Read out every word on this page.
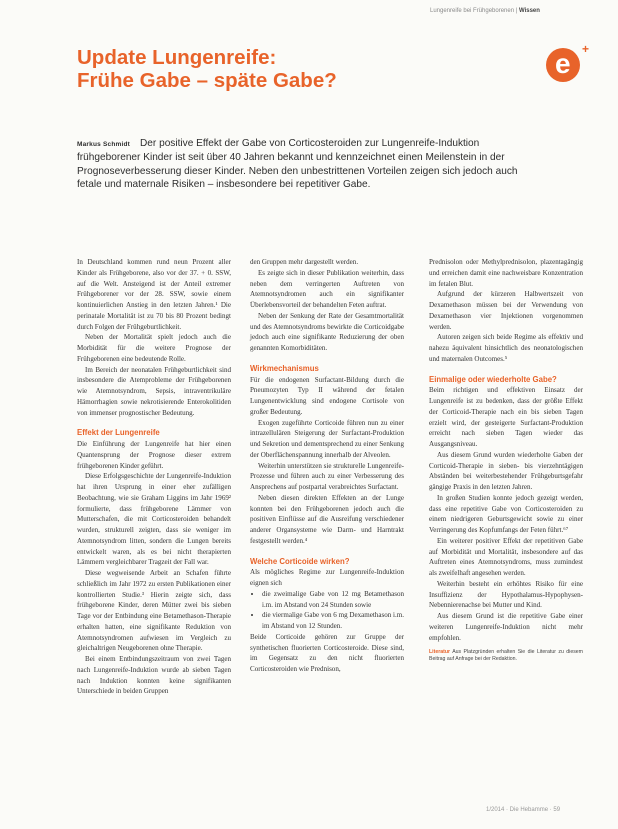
Lungenreife bei Frühgeborenen | Wissen
e +
Update Lungenreife:
Frühe Gabe – späte Gabe?

Markus Schmidt Der positive Effekt der Gabe von Corticosteroiden zur Lungenreife-Induktion frühgeborener Kinder ist seit über 40 Jahren bekannt und kennzeichnet einen Meilenstein in der Prognoseverbesserung dieser Kinder. Neben den unbestrittenen Vorteilen zeigen sich jedoch auch fetale und maternale Risiken – insbesondere bei repetitiver Gabe.

In Deutschland kommen rund neun Prozent aller Kinder als Frühgeborene, also vor der 37. + 0. SSW, auf die Welt. Ansteigend ist der Anteil extremer Frühgeborener vor der 28. SSW, sowie einem kontinuierlichen Anstieg in den letzten Jahren.¹ Die perinatale Mortalität ist zu 70 bis 80 Prozent bedingt durch Folgen der Frühgeburtlichkeit.

Neben der Mortalität spielt jedoch auch die Morbidität für die weitere Prognose der Frühgeborenen eine bedeutende Rolle.

Im Bereich der neonatalen Frühgeburtlichkeit sind insbesondere die Atemprobleme der Frühgeborenen wie Atemnotsyndrom, Sepsis, intraventrikuläre Hämorrhagien sowie nekrotisierende Enterokolitiden von immenser prognostischer Bedeutung.

Effekt der Lungenreife

Die Einführung der Lungenreife hat hier einen Quantensprung der Prognose dieser extrem frühgeborenen Kinder geführt.

Diese Erfolgsgeschichte der Lungenreife-Induktion hat ihren Ursprung in einer eher zufälligen Beobachtung, wie sie Graham Liggins im Jahr 1969² formulierte, dass frühgeborene Lämmer von Mutterschafen, die mit Corticosteroiden behandelt wurden, strukturell zeigten, dass sie weniger im Atemnotsyndrom litten, sondern die Lungen bereits entwickelt waren, als es bei nicht therapierten Lämmern vergleichbarer Tragzeit der Fall war.

Diese wegweisende Arbeit an Schafen führte schließlich im Jahr 1972 zu ersten Publikationen einer kontrollierten Studie.³ Hierin zeigte sich, dass frühgeborene Kinder, deren Mütter zwei bis sieben Tage vor der Entbindung eine Betamethason-Therapie erhalten hatten, eine signifikante Reduktion von Atemnotsyndromen aufwiesen im Vergleich zu gleichaltrigen Neugeborenen ohne Therapie.

Bei einem Entbindungszeitraum von zwei Tagen nach Lungenreife-Induktion wurde ab sieben Tagen nach Induktion konnten keine signifikanten Unterschiede in beiden Gruppen

den Gruppen mehr dargestellt werden.

Es zeigte sich in dieser Publikation weiterhin, dass neben dem verringerten Auftreten von Atemnotsyndromen auch ein signifikanter Überlebensvorteil der behandelten Feten auftrat.

Neben der Senkung der Rate der Gesamtmortalität und des Atemnotsyndroms bewirkte die Corticoidgabe jedoch auch eine signifikante Reduzierung der oben genannten Komorbiditäten.

Wirkmechanismus

Für die endogenen Surfactant-Bildung durch die Pneumozyten Typ II während der fetalen Lungenentwicklung sind endogene Cortisole von großer Bedeutung.

Exogen zugeführte Corticoide führen nun zu einer intrazellulären Steigerung der Surfactant-Produktion und Sekretion und dementsprechend zu einer Senkung der Oberflächenspannung innerhalb der Alveolen.

Weiterhin unterstützen sie strukturelle Lungenreife-Prozesse und führen auch zu einer Verbesserung des Ansprechens auf postpartal verabreichtes Surfactant.

Neben diesen direkten Effekten an der Lunge konnten bei den Frühgeborenen jedoch auch die positiven Einflüsse auf die Ausreifung verschiedener anderer Organsysteme wie Darm- und Harntrakt festgestellt werden.⁴

Welche Corticoide wirken?

Als mögliches Regime zur Lungenreife-Induktion eignen sich

• die zweimalige Gabe von 12 mg Betamethason i.m. im Abstand von 24 Stunden sowie
• die viermalige Gabe von 6 mg Dexamethason i.m. im Abstand von 12 Stunden.

Beide Corticoide gehören zur Gruppe der synthetischen fluorierten Corticosteroide. Diese sind, im Gegensatz zu den nicht fluorierten Corticosteroiden wie Prednison,

Prednisolon oder Methylprednisolon, plazentagängig und erreichen damit eine nachweisbare Konzentration im fetalen Blut.

Aufgrund der kürzeren Halbwertszeit von Dexamethason müssen bei der Verwendung von Dexamethason vier Injektionen vorgenommen werden.

Autoren zeigen sich beide Regime als effektiv und nahezu äquivalent hinsichtlich des neonatologischen und maternalen Outcomes.⁵

Einmalige oder wiederholte Gabe?

Beim richtigen und effektiven Einsatz der Lungenreife ist zu bedenken, dass der größte Effekt der Corticoid-Therapie nach ein bis sieben Tagen erzielt wird, der gesteigerte Surfactant-Produktion erreicht nach sieben Tagen wieder das Ausgangsniveau.

Aus diesem Grund wurden wiederholte Gaben der Corticoid-Therapie in sieben- bis vierzehntägigen Abständen bei weiterbestehender Frühgeburtsgefahr gängige Praxis in den letzten Jahren.

In großen Studien konnte jedoch gezeigt werden, dass eine repetitive Gabe von Corticosteroiden zu einem niedrigeren Geburtsgewicht sowie zu einer Verringerung des Kopfumfangs der Feten führt.⁶⁷

Ein weiterer positiver Effekt der repetitiven Gabe auf Morbidität und Mortalität, insbesondere auf das Auftreten eines Atemnotsyndroms, muss zumindest als zweifelhaft angesehen werden.

Weiterhin besteht ein erhöhtes Risiko für eine Insuffizienz der Hypothalamus-Hypophysen-Nebennierenachse bei Mutter und Kind.

Aus diesem Grund ist die repetitive Gabe einer weiteren Lungenreife-Induktion nicht mehr empfohlen.

Literatur Aus Platzgründen erhalten Sie die Literatur zu diesem Beitrag auf Anfrage bei der Redaktion.

1/2014 · Die Hebamme · 59
